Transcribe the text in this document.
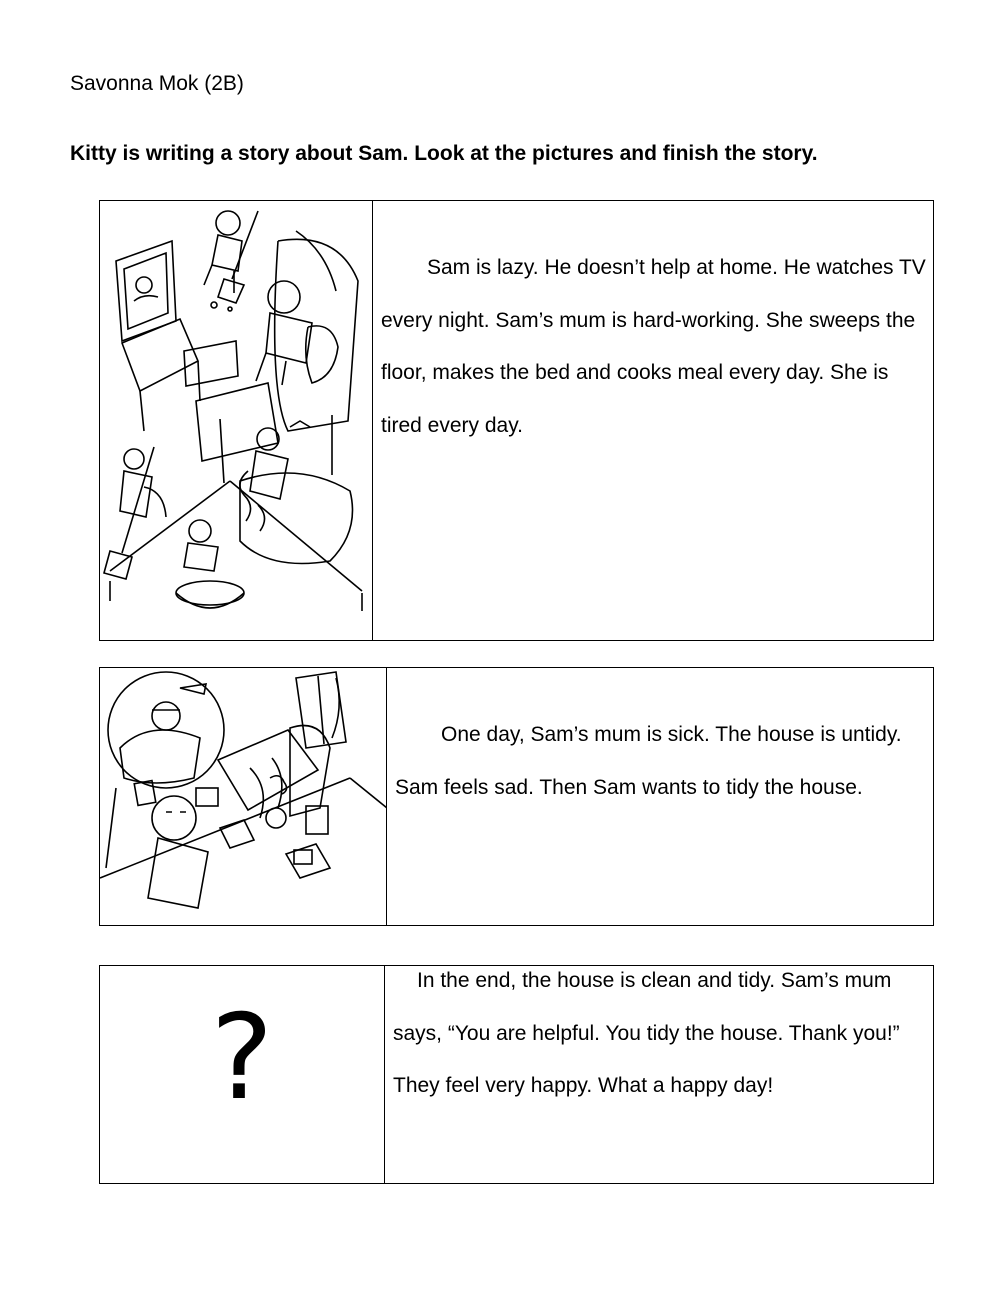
Savonna Mok (2B)
Kitty is writing a story about Sam. Look at the pictures and finish the story.

Sam is lazy. He doesn’t help at home. He watches TV every night. Sam’s mum is hard-working. She sweeps the floor, makes the bed and cooks meal every day. She is tired every day.

One day, Sam’s mum is sick. The house is untidy. Sam feels sad. Then Sam wants to tidy the house.

?

In the end, the house is clean and tidy. Sam’s mum says, “You are helpful. You tidy the house. Thank you!” They feel very happy. What a happy day!
